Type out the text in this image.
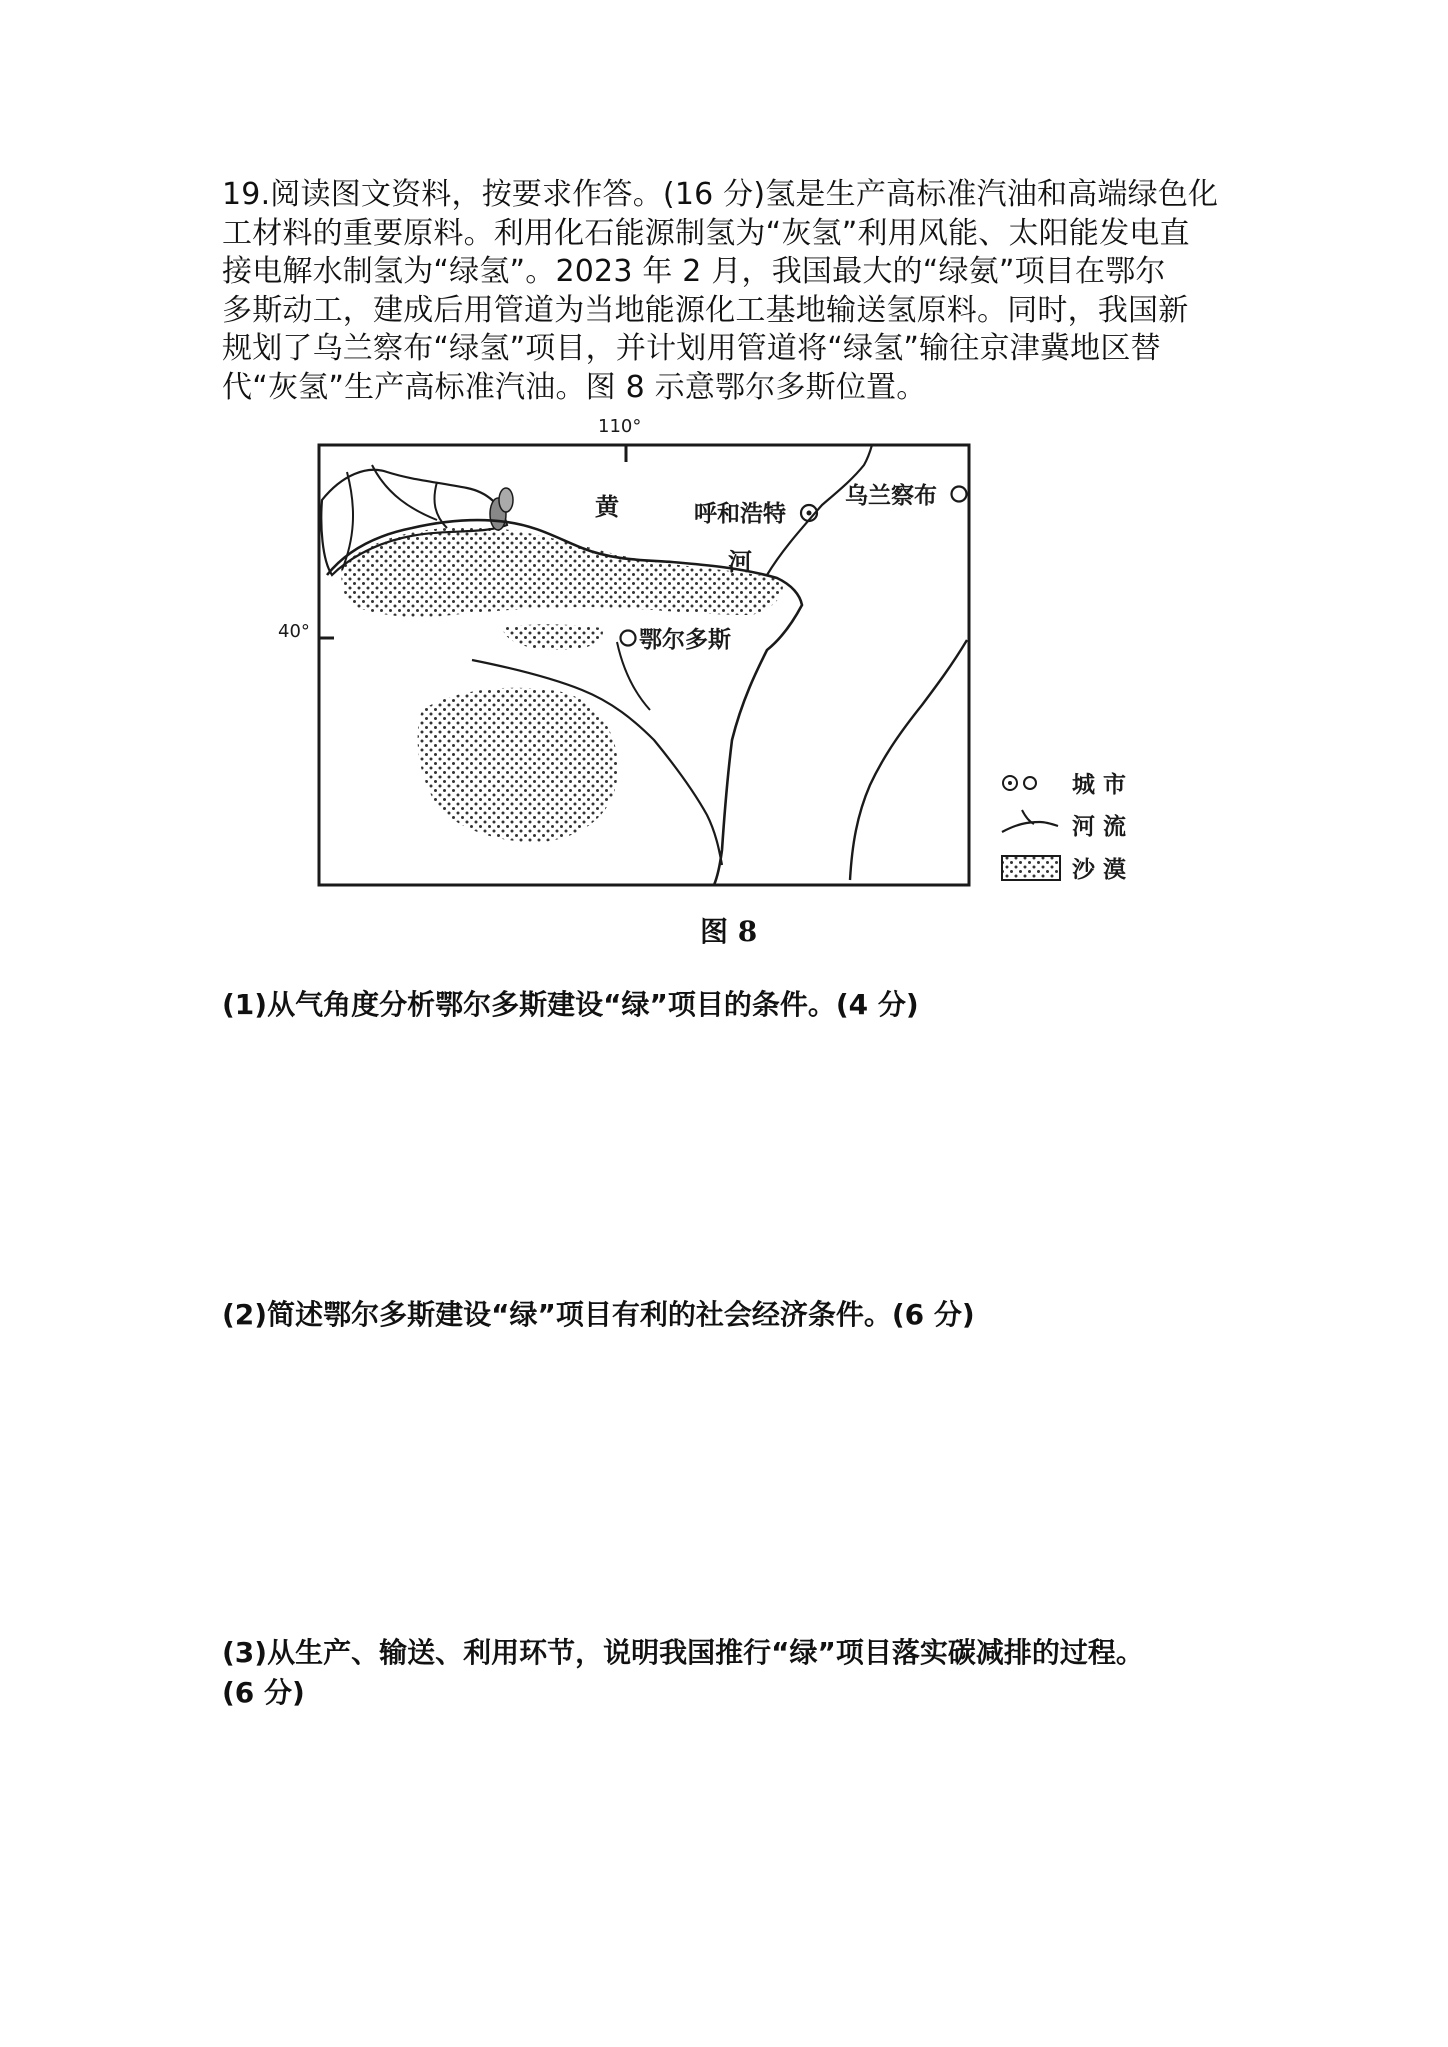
19.阅读图文资料，按要求作答。(16 分)氢是生产高标准汽油和高端绿色化
工材料的重要原料。利用化石能源制氢为“灰氢”利用风能、太阳能发电直
接电解水制氢为“绿氢”。2023 年 2 月，我国最大的“绿氨”项目在鄂尔
多斯动工，建成后用管道为当地能源化工基地输送氢原料。同时，我国新
规划了乌兰察布“绿氢”项目，并计划用管道将“绿氢”输往京津冀地区替
代“灰氢”生产高标准汽油。图 8 示意鄂尔多斯位置。
110°
40°
黄
河
呼和浩特
乌兰察布
鄂尔多斯
城 市
河 流
沙 漠
图 8
(1)从气角度分析鄂尔多斯建设“绿”项目的条件。(4 分)
(2)简述鄂尔多斯建设“绿”项目有利的社会经济条件。(6 分)
(3)从生产、输送、利用环节，说明我国推行“绿”项目落实碳减排的过程。
(6 分)
